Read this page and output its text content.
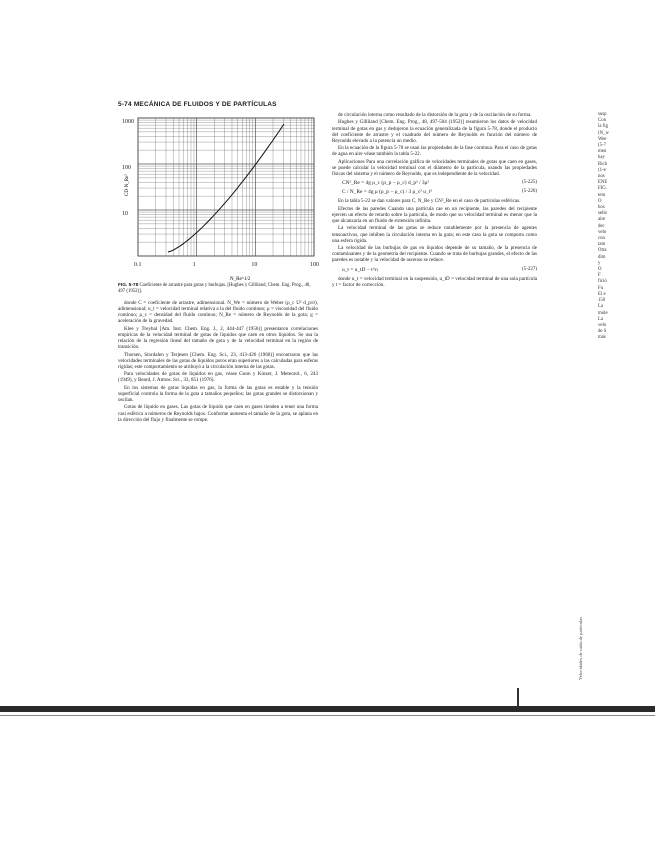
5-74 MECÁNICA DE FLUIDOS Y DE PARTÍCULAS
1000
100
10
0.1	1	10	100
CD·N_Re²
N_Re^1/2
FIG. 5-78 Coeficiente de arrastre para gotas y burbujas. [Hughes y Gilliland, Chem. Eng. Prog., 48, 497 (1952)].

donde C = coeficiente de arrastre, adimensional. N_We = número de Weber (ρ_c U² d_p/σ), adimensional; u_t = velocidad terminal relativa a la del fluido continuo; μ = viscosidad del fluido continuo; ρ_c = densidad del fluido continuo; N_Re = número de Reynolds de la gota; g = aceleración de la gravedad.

Klee y Treybal [Am. Inst. Chem. Eng. J., 2, 444-447 (1956)] presentaron correlaciones empíricas de la velocidad terminal de gotas de líquidos que caen en otros líquidos. Se usa la relación de la regresión lineal del tamaño de gota y de la velocidad terminal en la región de transición.

Thorsen, Stordalen y Terjesen [Chem. Eng. Sci., 23, 413-426 (1968)] encontraron que las velocidades terminales de las gotas de líquidos puros eran superiores a las calculadas para esferas rígidas; este comportamiento se atribuyó a la circulación interna de las gotas.

Para velocidades de gotas de líquidos en gas, véase Gunn y Kinzer, J. Meteorol., 6, 243 (1949), y Beard, J. Atmos. Sci., 33, 851 (1976).

En los sistemas de gotas líquidas en gas, la forma de las gotas es estable y la tensión superficial controla la forma de la gota a tamaños pequeños; las gotas grandes se distorsionan y oscilan.

Gotas de líquido en gases. Las gotas de líquido que caen en gases tienden a tener una forma casi esférica a números de Reynolds bajos. Conforme aumenta el tamaño de la gota, se aplana en la dirección del flujo y finalmente se rompe.

de circulación interna como resultado de la distorsión de la gota y de la oscilación de su forma.

Hughes y Gilliland [Chem. Eng. Prog., 48, 497-504 (1952)] resumieron los datos de velocidad terminal de gotas en gas y dedujeron la ecuación generalizada de la figura 5-78, donde el producto del coeficiente de arrastre y el cuadrado del número de Reynolds es función del número de Reynolds elevado a la potencia un medio.

En la ecuación de la figura 5-78 se usan las propiedades de la fase continua. Para el caso de gotas de agua en aire véase también la tabla 5-22.

Aplicaciones Para una correlación gráfica de velocidades terminales de gotas que caen en gases, se puede calcular la velocidad terminal con el diámetro de la partícula, usando las propiedades físicas del sistema y el número de Reynolds, que es independiente de la velocidad.

CN²_Re = 4g ρ_c (ρ_p − ρ_c) d_p³ / 3μ²	(5-225)
C / N_Re = 4g μ (ρ_p − ρ_c) / 3 ρ_c² u_t³	(5-226)

En la tabla 5-22 se dan valores para C, N_Re y CN²_Re en el caso de partículas esféricas.

Efectos de las paredes Cuando una partícula cae en un recipiente, las paredes del recipiente ejercen un efecto de retardo sobre la partícula, de modo que su velocidad terminal es menor que la que alcanzaría en un fluido de extensión infinita.

La velocidad terminal de las gotas se reduce notablemente por la presencia de agentes tensoactivos, que inhiben la circulación interna en la gota; en este caso la gota se comporta como una esfera rígida.

La velocidad de las burbujas de gas en líquidos depende de su tamaño, de la presencia de contaminantes y de la geometría del recipiente. Cuando se trata de burbujas grandes, el efecto de las paredes es notable y la velocidad de ascenso se reduce.

u_t = u_tD − t^n	(5-227)

donde u_t = velocidad terminal en la suspensión, u_tD = velocidad terminal de una sola partícula y t = factor de corrección.

Velocidades de caída de partículas
susp
Con
la fig
(N_w
Wee
(5-7
men
hay
Rich
(1-e
nos
ENE
FIG.
tem
O
hos
sello
aire
dec
velo
con
tam
Otra
dim
y
O
F
fició
Fu
El e
150
La
mole
La
velo
de S
más
